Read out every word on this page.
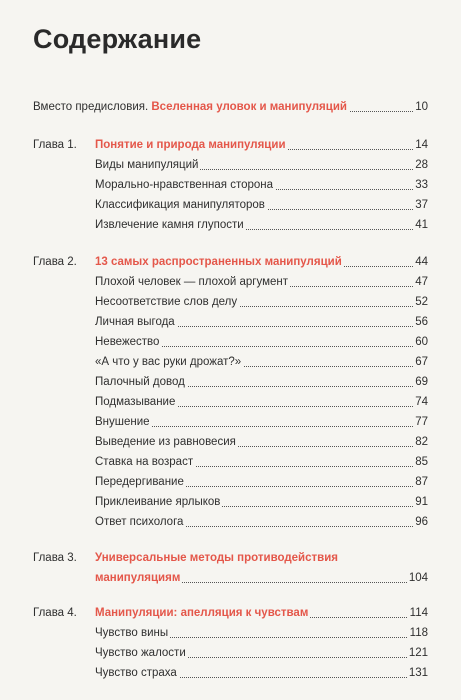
Содержание
Вместо предисловия. Вселенная уловок и манипуляций	10
Глава 1. Понятие и природа манипуляции	14
Виды манипуляций	28
Морально-нравственная сторона	33
Классификация манипуляторов	37
Извлечение камня глупости	41
Глава 2. 13 самых распространенных манипуляций	44
Плохой человек — плохой аргумент	47
Несоответствие слов делу	52
Личная выгода	56
Невежество	60
«А что у вас руки дрожат?»	67
Палочный довод	69
Подмазывание	74
Внушение	77
Выведение из равновесия	82
Ставка на возраст	85
Передергивание	87
Приклеивание ярлыков	91
Ответ психолога	96
Глава 3. Универсальные методы противодействия
манипуляциям	104
Глава 4. Манипуляции: апелляция к чувствам	114
Чувство вины	118
Чувство жалости	121
Чувство страха	131
